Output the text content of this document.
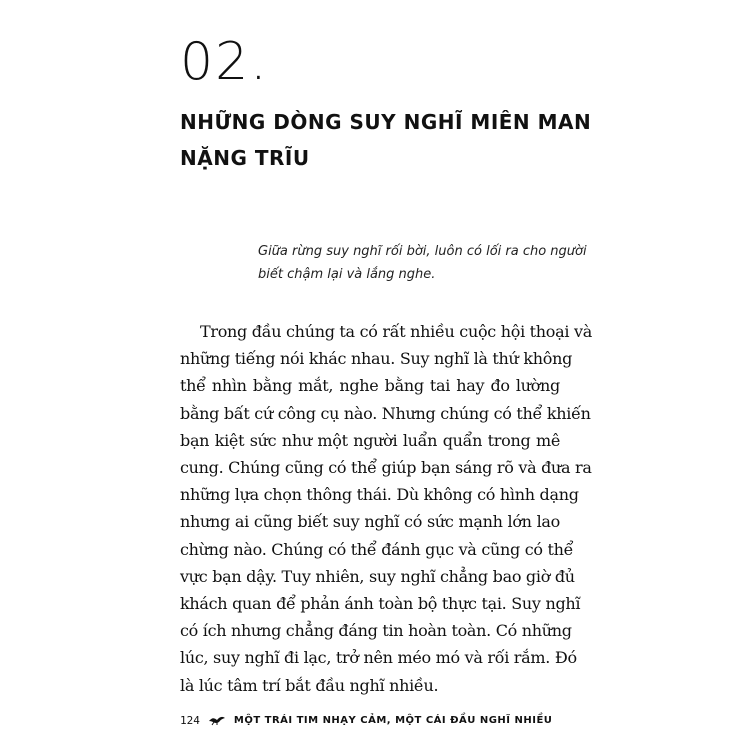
02.
NHỮNG DÒNG SUY NGHĨ MIÊN MAN
NẶNG TRĨU
Giữa rừng suy nghĩ rối bời, luôn có lối ra cho người
biết chậm lại và lắng nghe.
Trong đầu chúng ta có rất nhiều cuộc hội thoại và
những tiếng nói khác nhau. Suy nghĩ là thứ không
thể nhìn bằng mắt, nghe bằng tai hay đo lường
bằng bất cứ công cụ nào. Nhưng chúng có thể khiến
bạn kiệt sức như một người luẩn quẩn trong mê
cung. Chúng cũng có thể giúp bạn sáng rõ và đưa ra
những lựa chọn thông thái. Dù không có hình dạng
nhưng ai cũng biết suy nghĩ có sức mạnh lớn lao
chừng nào. Chúng có thể đánh gục và cũng có thể
vực bạn dậy. Tuy nhiên, suy nghĩ chẳng bao giờ đủ
khách quan để phản ánh toàn bộ thực tại. Suy nghĩ
có ích nhưng chẳng đáng tin hoàn toàn. Có những
lúc, suy nghĩ đi lạc, trở nên méo mó và rối rắm. Đó
là lúc tâm trí bắt đầu nghĩ nhiều.
124	MỘT TRÁI TIM NHẠY CẢM, MỘT CÁI ĐẦU NGHĨ NHIỀU
